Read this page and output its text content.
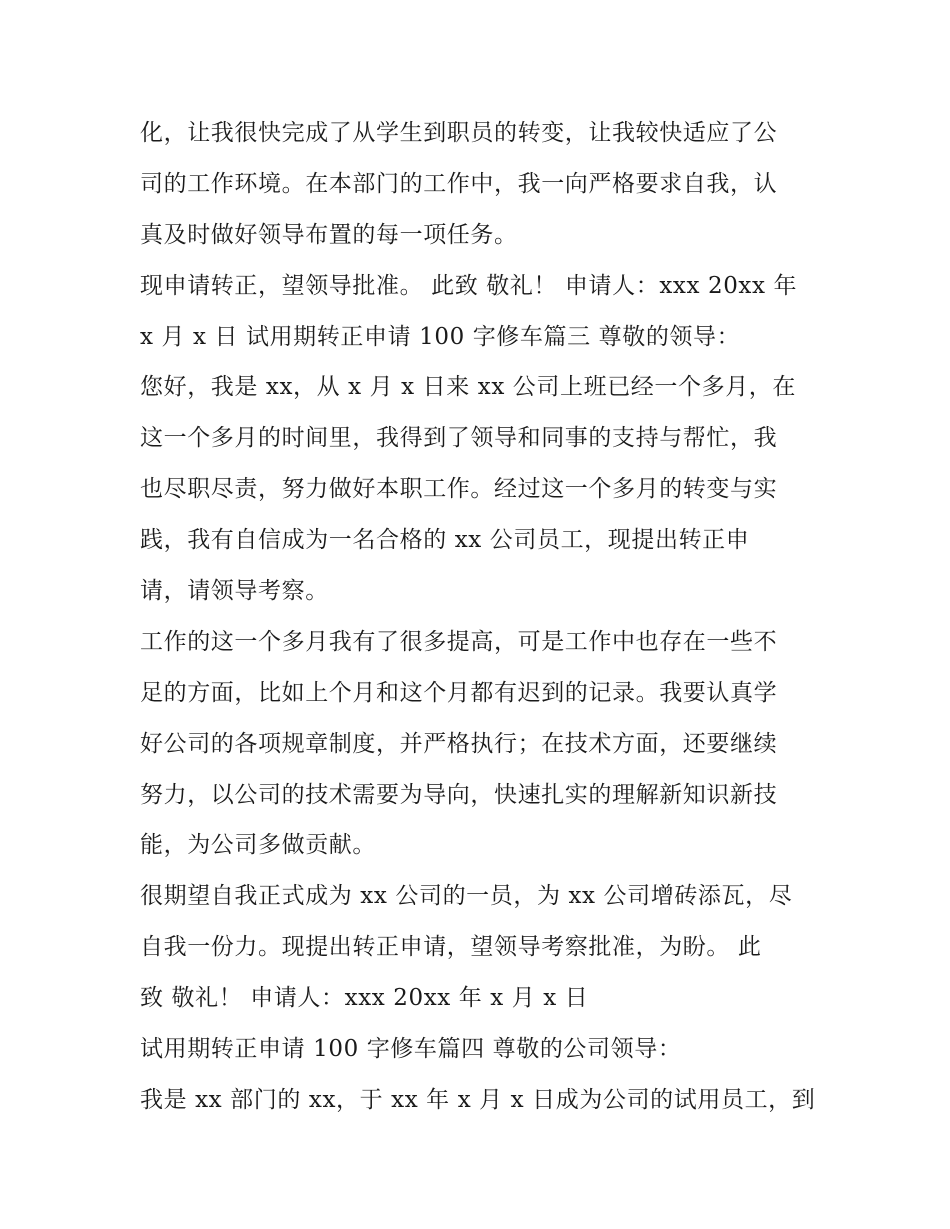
化，让我很快完成了从学生到职员的转变，让我较快适应了公
司的工作环境。在本部门的工作中，我一向严格要求自我，认
真及时做好领导布置的每一项任务。
现申请转正，望领导批准。 此致 敬礼！ 申请人：xxx 20xx 年
x 月 x 日 试用期转正申请 100 字修车篇三 尊敬的领导：
您好，我是 xx，从 x 月 x 日来 xx 公司上班已经一个多月，在
这一个多月的时间里，我得到了领导和同事的支持与帮忙，我
也尽职尽责，努力做好本职工作。经过这一个多月的转变与实
践，我有自信成为一名合格的 xx 公司员工，现提出转正申
请，请领导考察。
工作的这一个多月我有了很多提高，可是工作中也存在一些不
足的方面，比如上个月和这个月都有迟到的记录。我要认真学
好公司的各项规章制度，并严格执行；在技术方面，还要继续
努力，以公司的技术需要为导向，快速扎实的理解新知识新技
能，为公司多做贡献。
很期望自我正式成为 xx 公司的一员，为 xx 公司增砖添瓦，尽
自我一份力。现提出转正申请，望领导考察批准，为盼。 此
致 敬礼！ 申请人：xxx 20xx 年 x 月 x 日
试用期转正申请 100 字修车篇四 尊敬的公司领导：
我是 xx 部门的 xx，于 xx 年 x 月 x 日成为公司的试用员工，到
